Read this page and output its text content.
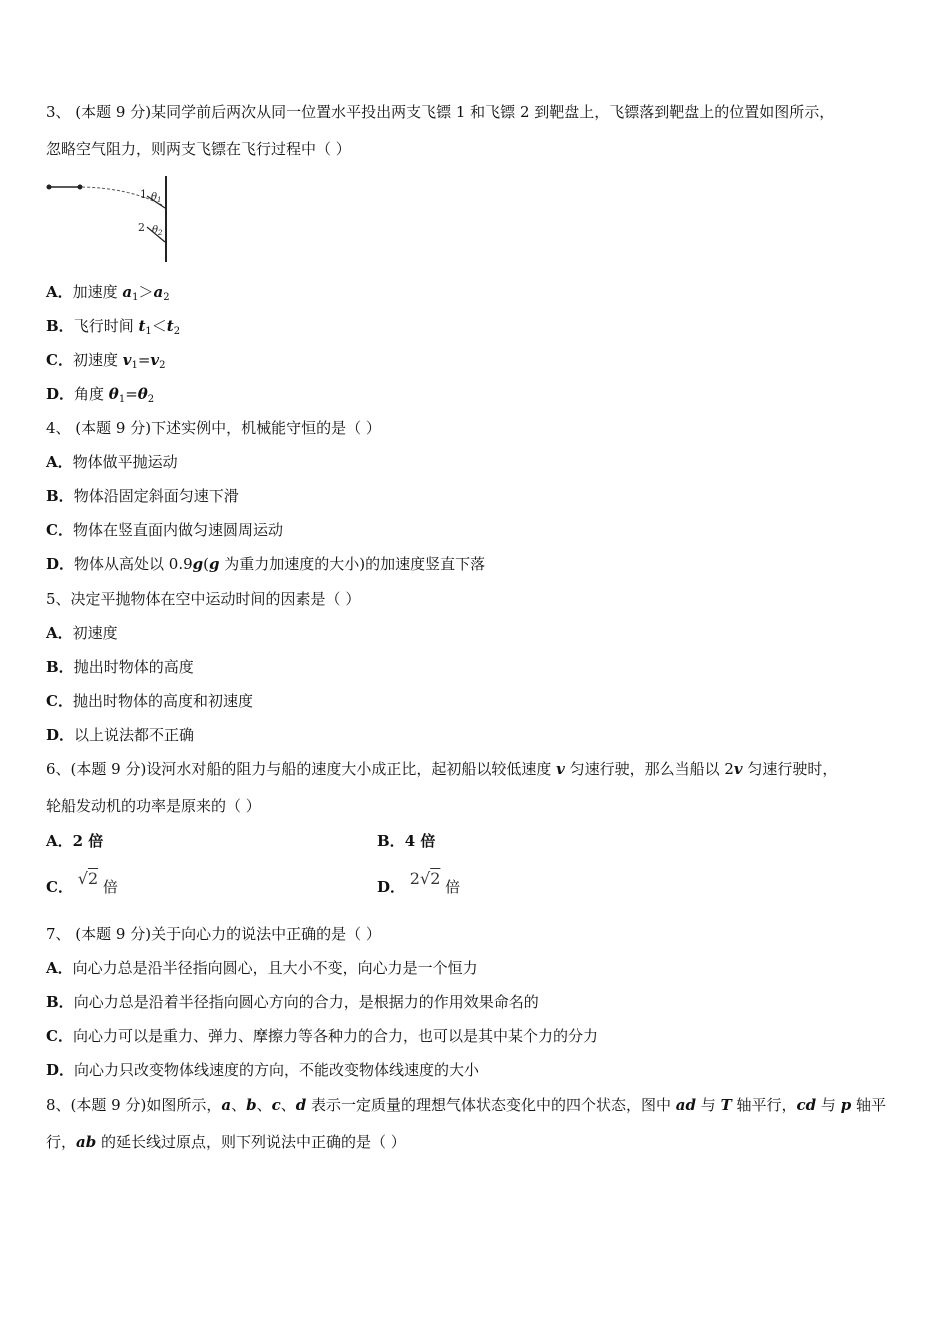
3、 (本题 9 分)某同学前后两次从同一位置水平投出两支飞镖 1 和飞镖 2 到靶盘上，飞镖落到靶盘上的位置如图所示，
忽略空气阻力，则两支飞镖在飞行过程中（ ）
1
2
$\theta_1$
$\theta_2$
A．加速度 $a_1>a_2$
B．飞行时间 $t_1<t_2$
C．初速度 $v_1=v_2$
D．角度 $\theta_1=\theta_2$
4、 (本题 9 分)下述实例中，机械能守恒的是（ ）
A．物体做平抛运动
B．物体沿固定斜面匀速下滑
C．物体在竖直面内做匀速圆周运动
D．物体从高处以 0.9g(g 为重力加速度的大小)的加速度竖直下落
5、决定平抛物体在空中运动时间的因素是（ ）
A．初速度
B．抛出时物体的高度
C．抛出时物体的高度和初速度
D．以上说法都不正确
6、(本题 9 分)设河水对船的阻力与船的速度大小成正比，起初船以较低速度 v 匀速行驶，那么当船以 2v 匀速行驶时，
轮船发动机的功率是原来的（ ）
A．2 倍	B．4 倍
C． √2 倍	D． 2√2 倍
7、 (本题 9 分)关于向心力的说法中正确的是（ ）
A．向心力总是沿半径指向圆心，且大小不变，向心力是一个恒力
B．向心力总是沿着半径指向圆心方向的合力，是根据力的作用效果命名的
C．向心力可以是重力、弹力、摩擦力等各种力的合力，也可以是其中某个力的分力
D．向心力只改变物体线速度的方向，不能改变物体线速度的大小
8、(本题 9 分)如图所示，a、b、c、d 表示一定质量的理想气体状态变化中的四个状态，图中 ad 与 T 轴平行，cd 与 p 轴平
行，ab 的延长线过原点，则下列说法中正确的是（ ）
